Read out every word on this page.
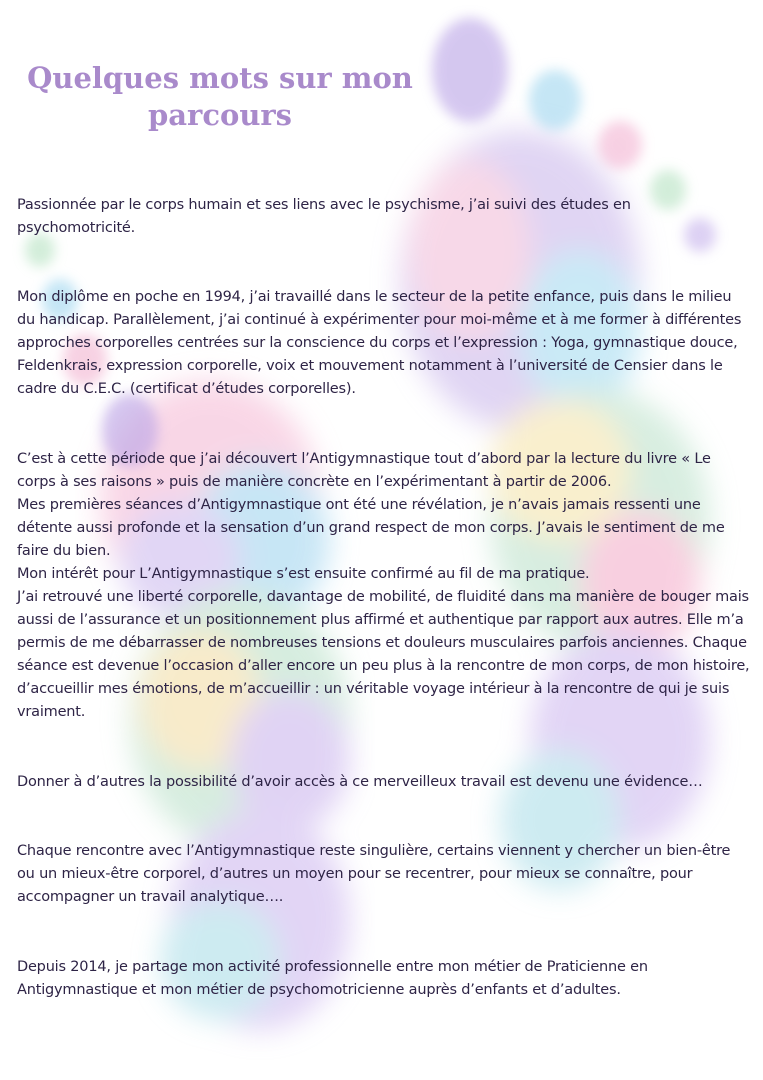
Quelques mots sur mon
parcours

Passionnée par le corps humain et ses liens avec le psychisme, j’ai suivi des études en psychomotricité.

Mon diplôme en poche en 1994, j’ai travaillé dans le secteur de la petite enfance, puis dans le milieu du handicap. Parallèlement, j’ai continué à expérimenter pour moi-même et à me former à différentes approches corporelles centrées sur la conscience du corps et l’expression : Yoga, gymnastique douce, Feldenkrais, expression corporelle, voix et mouvement notamment à l’université de Censier dans le cadre du C.E.C. (certificat d’études corporelles).

C’est à cette période que j’ai découvert l’Antigymnastique tout d’abord par la lecture du livre « Le corps à ses raisons » puis de manière concrète en l’expérimentant à partir de 2006.
Mes premières séances d’Antigymnastique ont été une révélation, je n’avais jamais ressenti une détente aussi profonde et la sensation d’un grand respect de mon corps. J’avais le sentiment de me faire du bien.
Mon intérêt pour L’Antigymnastique s’est ensuite confirmé au fil de ma pratique.
J’ai retrouvé une liberté corporelle, davantage de mobilité, de fluidité dans ma manière de bouger mais aussi de l’assurance et un positionnement plus affirmé et authentique par rapport aux autres. Elle m’a permis de me débarrasser de nombreuses tensions et douleurs musculaires parfois anciennes. Chaque séance est devenue l’occasion d’aller encore un peu plus à la rencontre de mon corps, de mon histoire, d’accueillir mes émotions, de m’accueillir : un véritable voyage intérieur à la rencontre de qui je suis vraiment.

Donner à d’autres la possibilité d’avoir accès à ce merveilleux travail est devenu une évidence…

Chaque rencontre avec l’Antigymnastique reste singulière, certains viennent y chercher un bien-être ou un mieux-être corporel, d’autres un moyen pour se recentrer, pour mieux se connaître, pour accompagner un travail analytique….

Depuis 2014, je partage mon activité professionnelle entre mon métier de Praticienne en Antigymnastique et mon métier de psychomotricienne auprès d’enfants et d’adultes.
